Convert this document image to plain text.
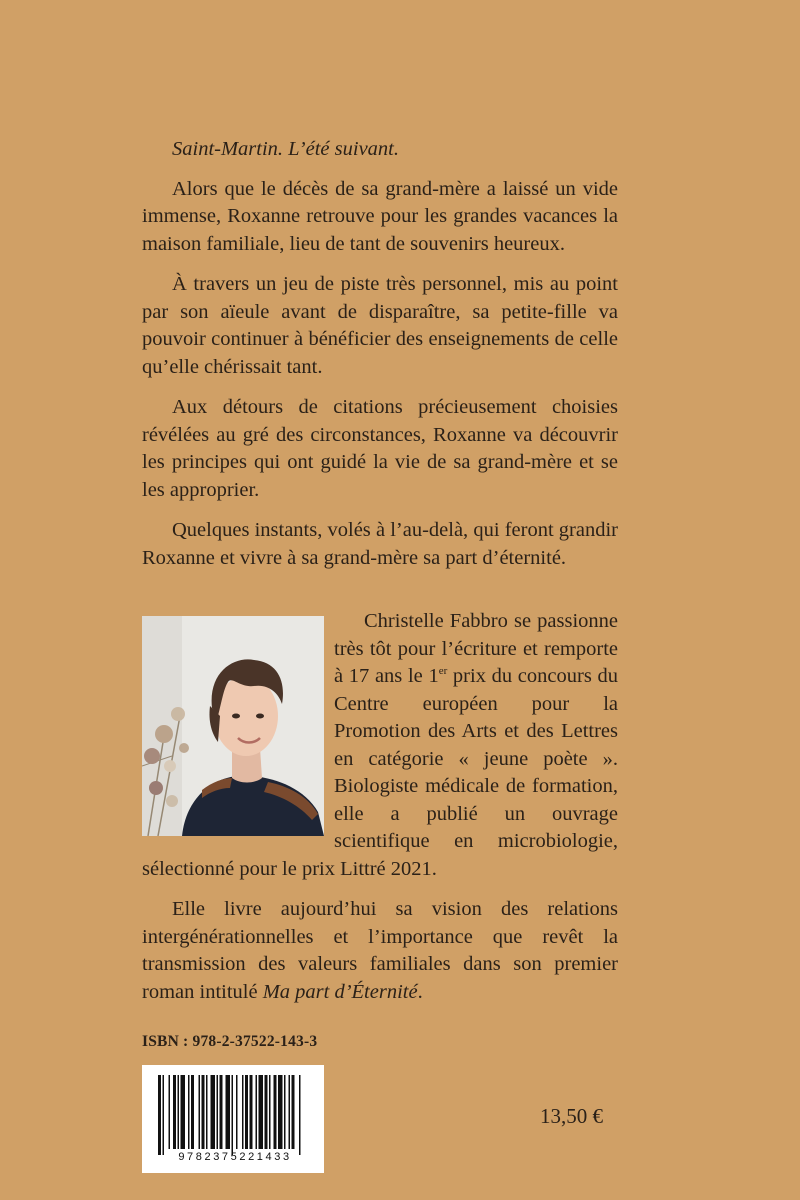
Saint-Martin. L’été suivant.

Alors que le décès de sa grand-mère a laissé un vide immense, Roxanne retrouve pour les grandes vacances la maison familiale, lieu de tant de souvenirs heureux.

À travers un jeu de piste très personnel, mis au point par son aïeule avant de disparaître, sa petite-fille va pouvoir continuer à bénéficier des enseignements de celle qu’elle chérissait tant.

Aux détours de citations précieusement choisies révélées au gré des circonstances, Roxanne va découvrir les principes qui ont guidé la vie de sa grand-mère et se les approprier.

Quelques instants, volés à l’au-delà, qui feront grandir Roxanne et vivre à sa grand-mère sa part d’éternité.

Christelle Fabbro se passionne très tôt pour l’écriture et remporte à 17 ans le 1er prix du concours du Centre européen pour la Promotion des Arts et des Lettres en catégorie « jeune poète ». Biologiste médicale de formation, elle a publié un ouvrage scientifique en microbiologie, sélectionné pour le prix Littré 2021.

Elle livre aujourd’hui sa vision des relations intergénérationnelles et l’importance que revêt la transmission des valeurs familiales dans son premier roman intitulé Ma part d’Éternité.

ISBN : 978-2-37522-143-3
9782375221433
13,50 €
